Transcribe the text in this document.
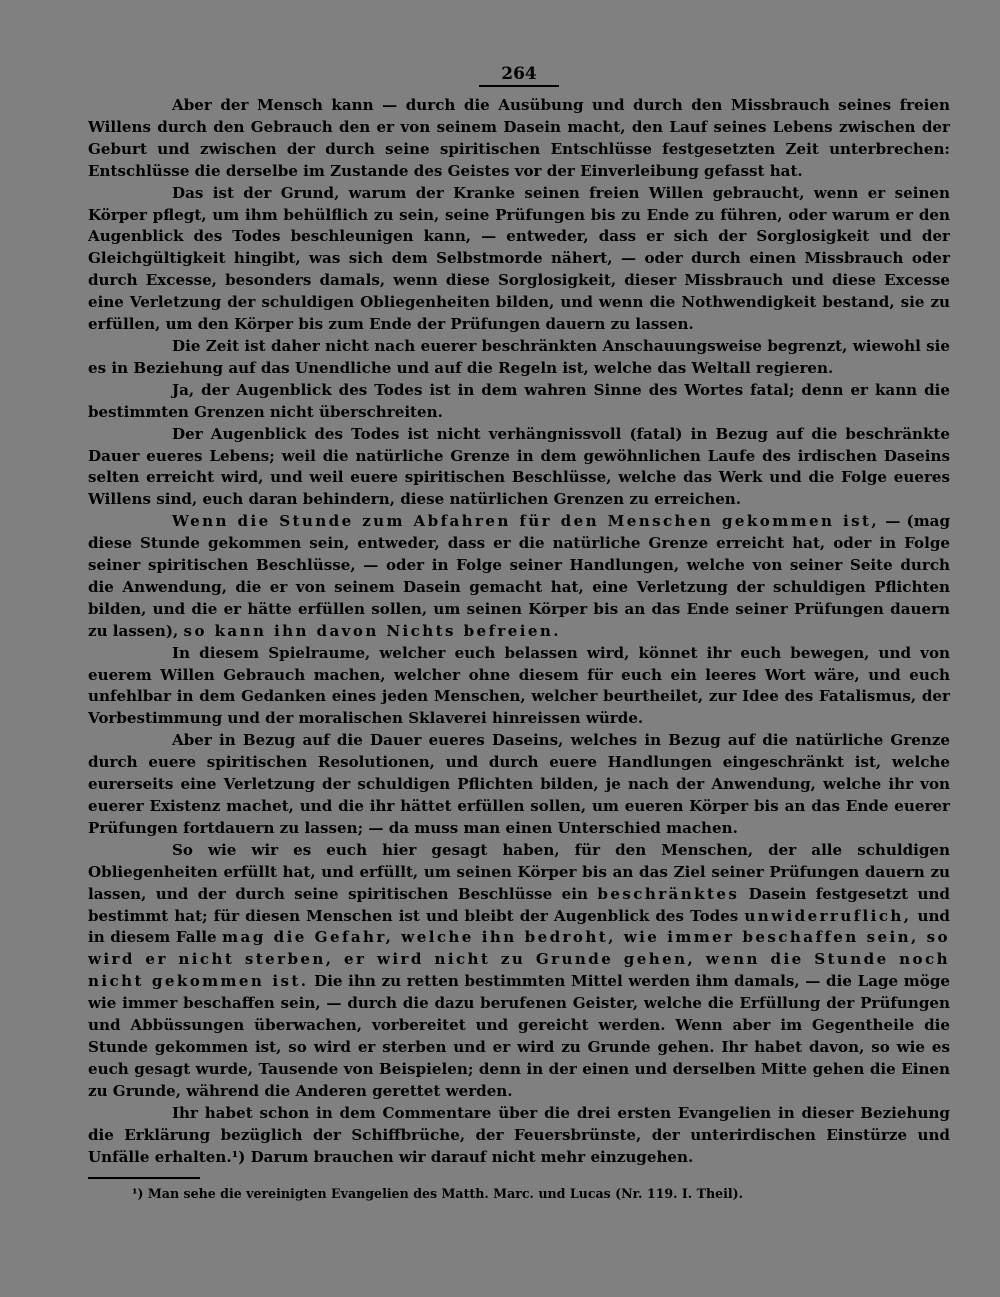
264

Aber der Mensch kann — durch die Ausübung und durch den Missbrauch seines freien Willens durch den Gebrauch den er von seinem Dasein macht, den Lauf seines Lebens zwischen der Geburt und zwischen der durch seine spiritischen Entschlüsse festgesetzten Zeit unterbrechen: Entschlüsse die derselbe im Zustande des Geistes vor der Einverleibung gefasst hat.

Das ist der Grund, warum der Kranke seinen freien Willen gebraucht, wenn er seinen Körper pflegt, um ihm behülflich zu sein, seine Prüfungen bis zu Ende zu führen, oder warum er den Augenblick des Todes beschleunigen kann, — entweder, dass er sich der Sorglosigkeit und der Gleichgültigkeit hingibt, was sich dem Selbstmorde nähert, — oder durch einen Missbrauch oder durch Excesse, besonders damals, wenn diese Sorglosigkeit, dieser Missbrauch und diese Excesse eine Verletzung der schuldigen Obliegenheiten bilden, und wenn die Nothwendigkeit bestand, sie zu erfüllen, um den Körper bis zum Ende der Prüfungen dauern zu lassen.

Die Zeit ist daher nicht nach euerer beschränkten Anschauungsweise begrenzt, wiewohl sie es in Beziehung auf das Unendliche und auf die Regeln ist, welche das Weltall regieren.

Ja, der Augenblick des Todes ist in dem wahren Sinne des Wortes fatal; denn er kann die bestimmten Grenzen nicht überschreiten.

Der Augenblick des Todes ist nicht verhängnissvoll (fatal) in Bezug auf die beschränkte Dauer eueres Lebens; weil die natürliche Grenze in dem gewöhnlichen Laufe des irdischen Daseins selten erreicht wird, und weil euere spiritischen Beschlüsse, welche das Werk und die Folge eueres Willens sind, euch daran behindern, diese natürlichen Grenzen zu erreichen.

Wenn die Stunde zum Abfahren für den Menschen gekommen ist, — (mag diese Stunde gekommen sein, entweder, dass er die natürliche Grenze erreicht hat, oder in Folge seiner spiritischen Beschlüsse, — oder in Folge seiner Handlungen, welche von seiner Seite durch die Anwendung, die er von seinem Dasein gemacht hat, eine Verletzung der schuldigen Pflichten bilden, und die er hätte erfüllen sollen, um seinen Körper bis an das Ende seiner Prüfungen dauern zu lassen), so kann ihn davon Nichts befreien.

In diesem Spielraume, welcher euch belassen wird, könnet ihr euch bewegen, und von euerem Willen Gebrauch machen, welcher ohne diesem für euch ein leeres Wort wäre, und euch unfehlbar in dem Gedanken eines jeden Menschen, welcher beurtheilet, zur Idee des Fatalismus, der Vorbestimmung und der moralischen Sklaverei hinreissen würde.

Aber in Bezug auf die Dauer eueres Daseins, welches in Bezug auf die natürliche Grenze durch euere spiritischen Resolutionen, und durch euere Handlungen eingeschränkt ist, welche eurerseits eine Verletzung der schuldigen Pflichten bilden, je nach der Anwendung, welche ihr von euerer Existenz machet, und die ihr hättet erfüllen sollen, um eueren Körper bis an das Ende euerer Prüfungen fortdauern zu lassen; — da muss man einen Unterschied machen.

So wie wir es euch hier gesagt haben, für den Menschen, der alle schuldigen Obliegenheiten erfüllt hat, und erfüllt, um seinen Körper bis an das Ziel seiner Prüfungen dauern zu lassen, und der durch seine spiritischen Beschlüsse ein beschränktes Dasein festgesetzt und bestimmt hat; für diesen Menschen ist und bleibt der Augenblick des Todes unwiderruflich, und in diesem Falle mag die Gefahr, welche ihn bedroht, wie immer beschaffen sein, so wird er nicht sterben, er wird nicht zu Grunde gehen, wenn die Stunde noch nicht gekommen ist. Die ihn zu retten bestimmten Mittel werden ihm damals, — die Lage möge wie immer beschaffen sein, — durch die dazu berufenen Geister, welche die Erfüllung der Prüfungen und Abbüssungen überwachen, vorbereitet und gereicht werden. Wenn aber im Gegentheile die Stunde gekommen ist, so wird er sterben und er wird zu Grunde gehen. Ihr habet davon, so wie es euch gesagt wurde, Tausende von Beispielen; denn in der einen und derselben Mitte gehen die Einen zu Grunde, während die Anderen gerettet werden.

Ihr habet schon in dem Commentare über die drei ersten Evangelien in dieser Beziehung die Erklärung bezüglich der Schiffbrüche, der Feuersbrünste, der unterirdischen Einstürze und Unfälle erhalten.¹) Darum brauchen wir darauf nicht mehr einzugehen.

¹) Man sehe die vereinigten Evangelien des Matth. Marc. und Lucas (Nr. 119. I. Theil).
